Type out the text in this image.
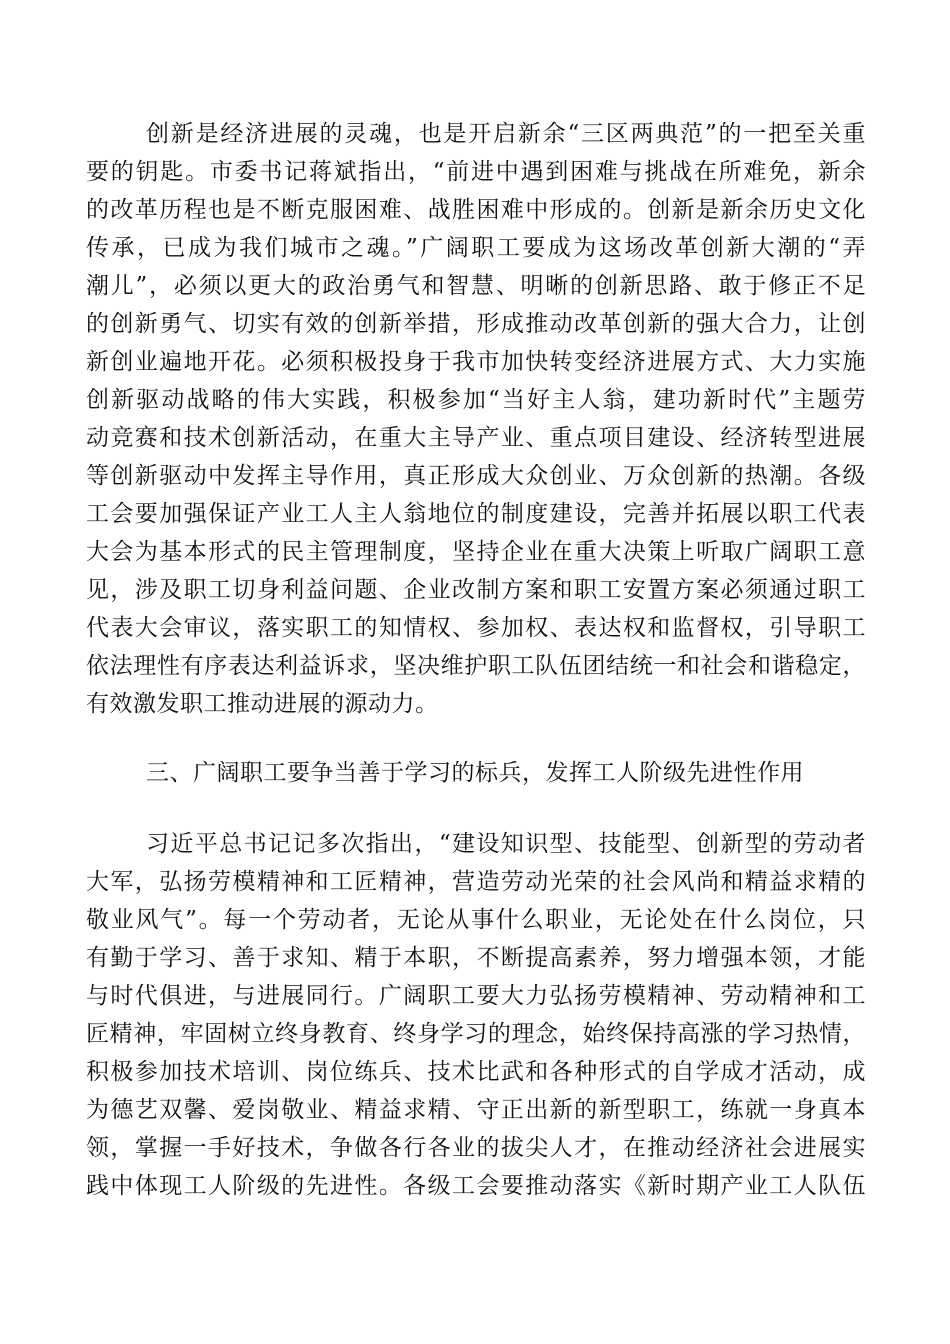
创新是经济进展的灵魂，也是开启新余“三区两典范”的一把至关重
要的钥匙。市委书记蒋斌指出，“前进中遇到困难与挑战在所难免，新余
的改革历程也是不断克服困难、战胜困难中形成的。创新是新余历史文化
传承，已成为我们城市之魂。”广阔职工要成为这场改革创新大潮的“弄
潮儿”，必须以更大的政治勇气和智慧、明晰的创新思路、敢于修正不足
的创新勇气、切实有效的创新举措，形成推动改革创新的强大合力，让创
新创业遍地开花。必须积极投身于我市加快转变经济进展方式、大力实施
创新驱动战略的伟大实践，积极参加“当好主人翁，建功新时代”主题劳
动竞赛和技术创新活动，在重大主导产业、重点项目建设、经济转型进展
等创新驱动中发挥主导作用，真正形成大众创业、万众创新的热潮。各级
工会要加强保证产业工人主人翁地位的制度建设，完善并拓展以职工代表
大会为基本形式的民主管理制度，坚持企业在重大决策上听取广阔职工意
见，涉及职工切身利益问题、企业改制方案和职工安置方案必须通过职工
代表大会审议，落实职工的知情权、参加权、表达权和监督权，引导职工
依法理性有序表达利益诉求，坚决维护职工队伍团结统一和社会和谐稳定，
有效激发职工推动进展的源动力。
三、广阔职工要争当善于学习的标兵，发挥工人阶级先进性作用
习近平总书记记多次指出，“建设知识型、技能型、创新型的劳动者
大军，弘扬劳模精神和工匠精神，营造劳动光荣的社会风尚和精益求精的
敬业风气”。每一个劳动者，无论从事什么职业，无论处在什么岗位，只
有勤于学习、善于求知、精于本职，不断提高素养，努力增强本领，才能
与时代俱进，与进展同行。广阔职工要大力弘扬劳模精神、劳动精神和工
匠精神，牢固树立终身教育、终身学习的理念，始终保持高涨的学习热情，
积极参加技术培训、岗位练兵、技术比武和各种形式的自学成才活动，成
为德艺双馨、爱岗敬业、精益求精、守正出新的新型职工，练就一身真本
领，掌握一手好技术，争做各行各业的拔尖人才，在推动经济社会进展实
践中体现工人阶级的先进性。各级工会要推动落实《新时期产业工人队伍
